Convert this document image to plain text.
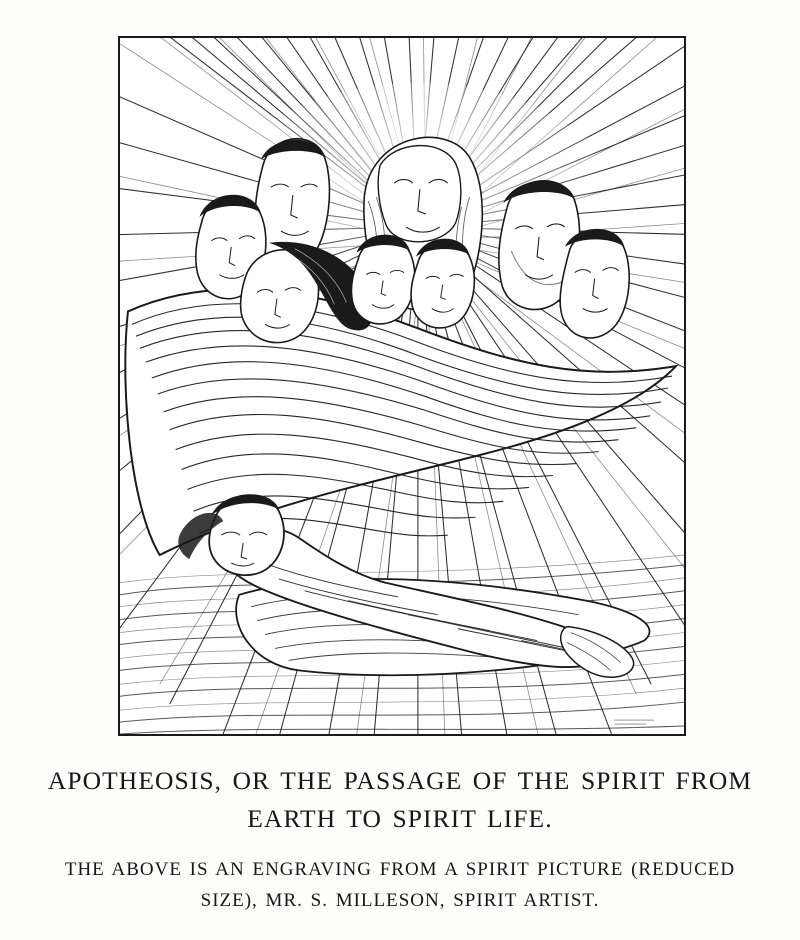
APOTHEOSIS, OR THE PASSAGE OF THE SPIRIT FROM
EARTH TO SPIRIT LIFE.
THE ABOVE IS AN ENGRAVING FROM A SPIRIT PICTURE (REDUCED
SIZE), MR. S. MILLESON, SPIRIT ARTIST.
